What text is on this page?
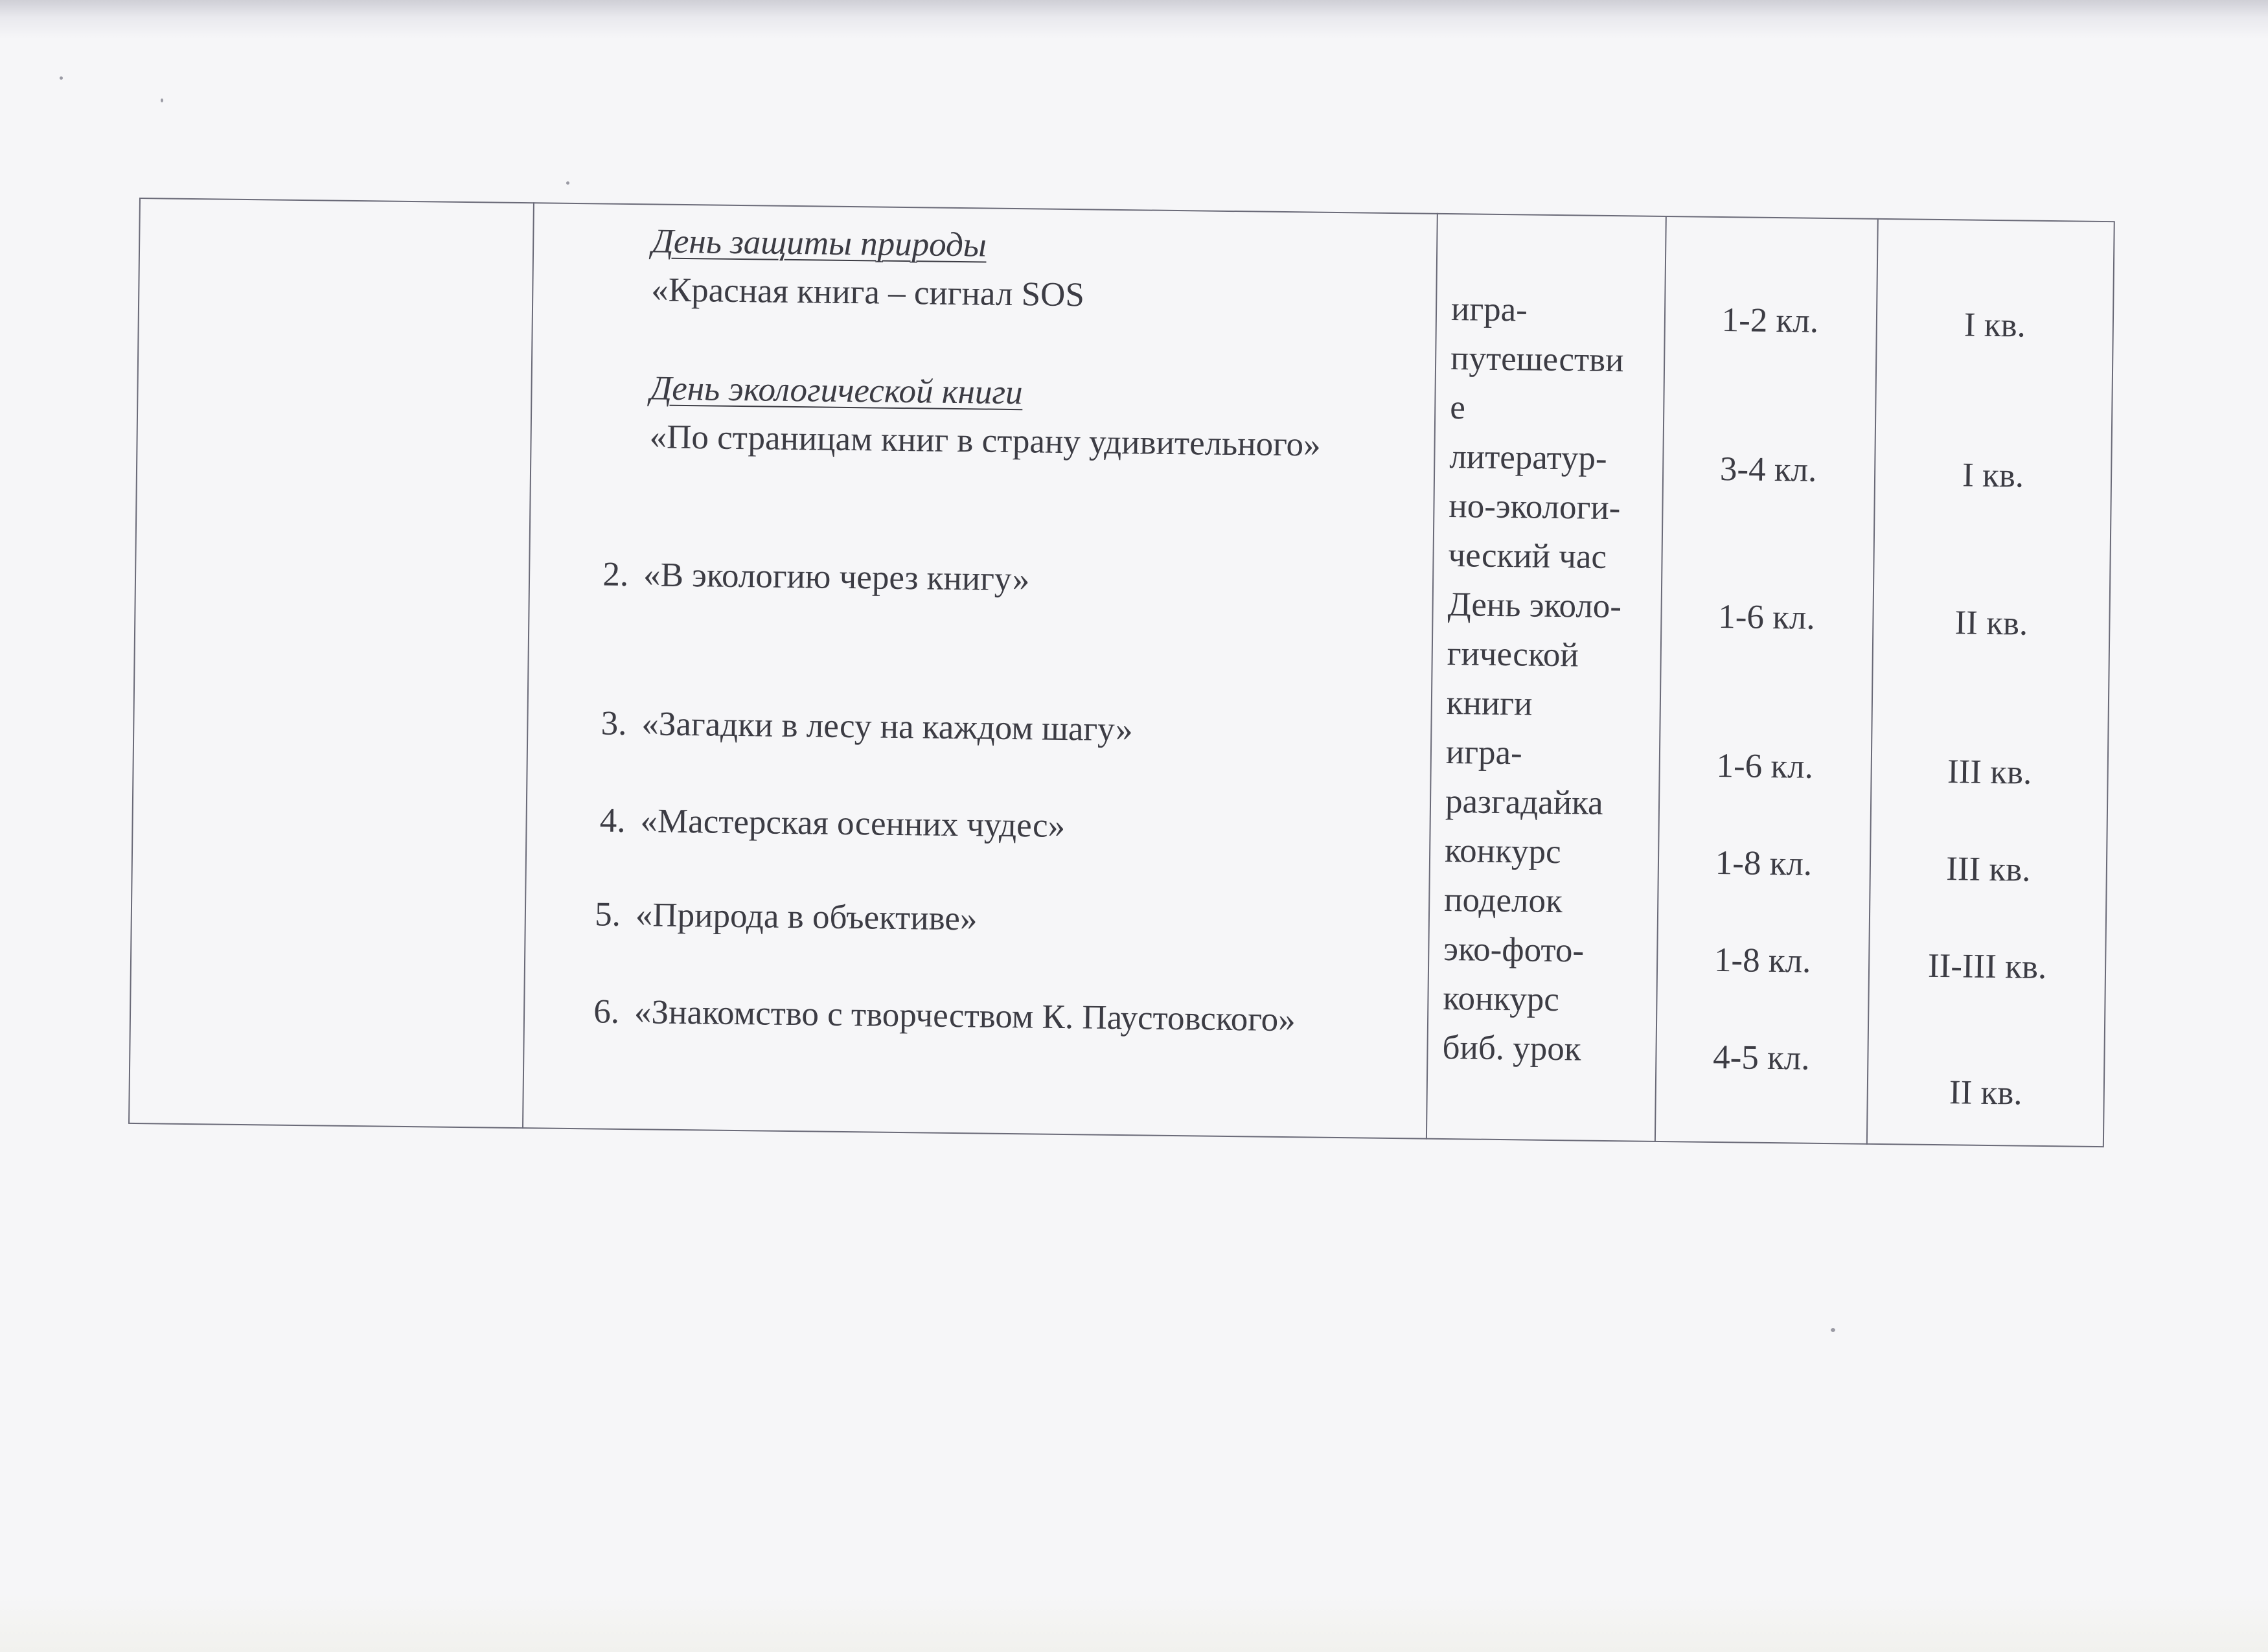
День защиты природы
«Красная книга – сигнал SOS
День экологической книги
«По страницам книг в страну удивительного»
2. «В экологию через книгу»
3. «Загадки в лесу на каждом шагу»
4. «Мастерская осенних чудес»
5. «Природа в объективе»
6. «Знакомство с творчеством К. Паустовского»
игра-
путешестви
е
литератур-
но-экологи-
ческий час
День эколо-
гической
книги
игра-
разгадайка
конкурс
поделок
эко-фото-
конкурс
биб. урок
1-2 кл.
3-4 кл.
1-6 кл.
1-6 кл.
1-8 кл.
1-8 кл.
4-5 кл.
I кв.
I кв.
II кв.
III кв.
III кв.
II-III кв.
II кв.
